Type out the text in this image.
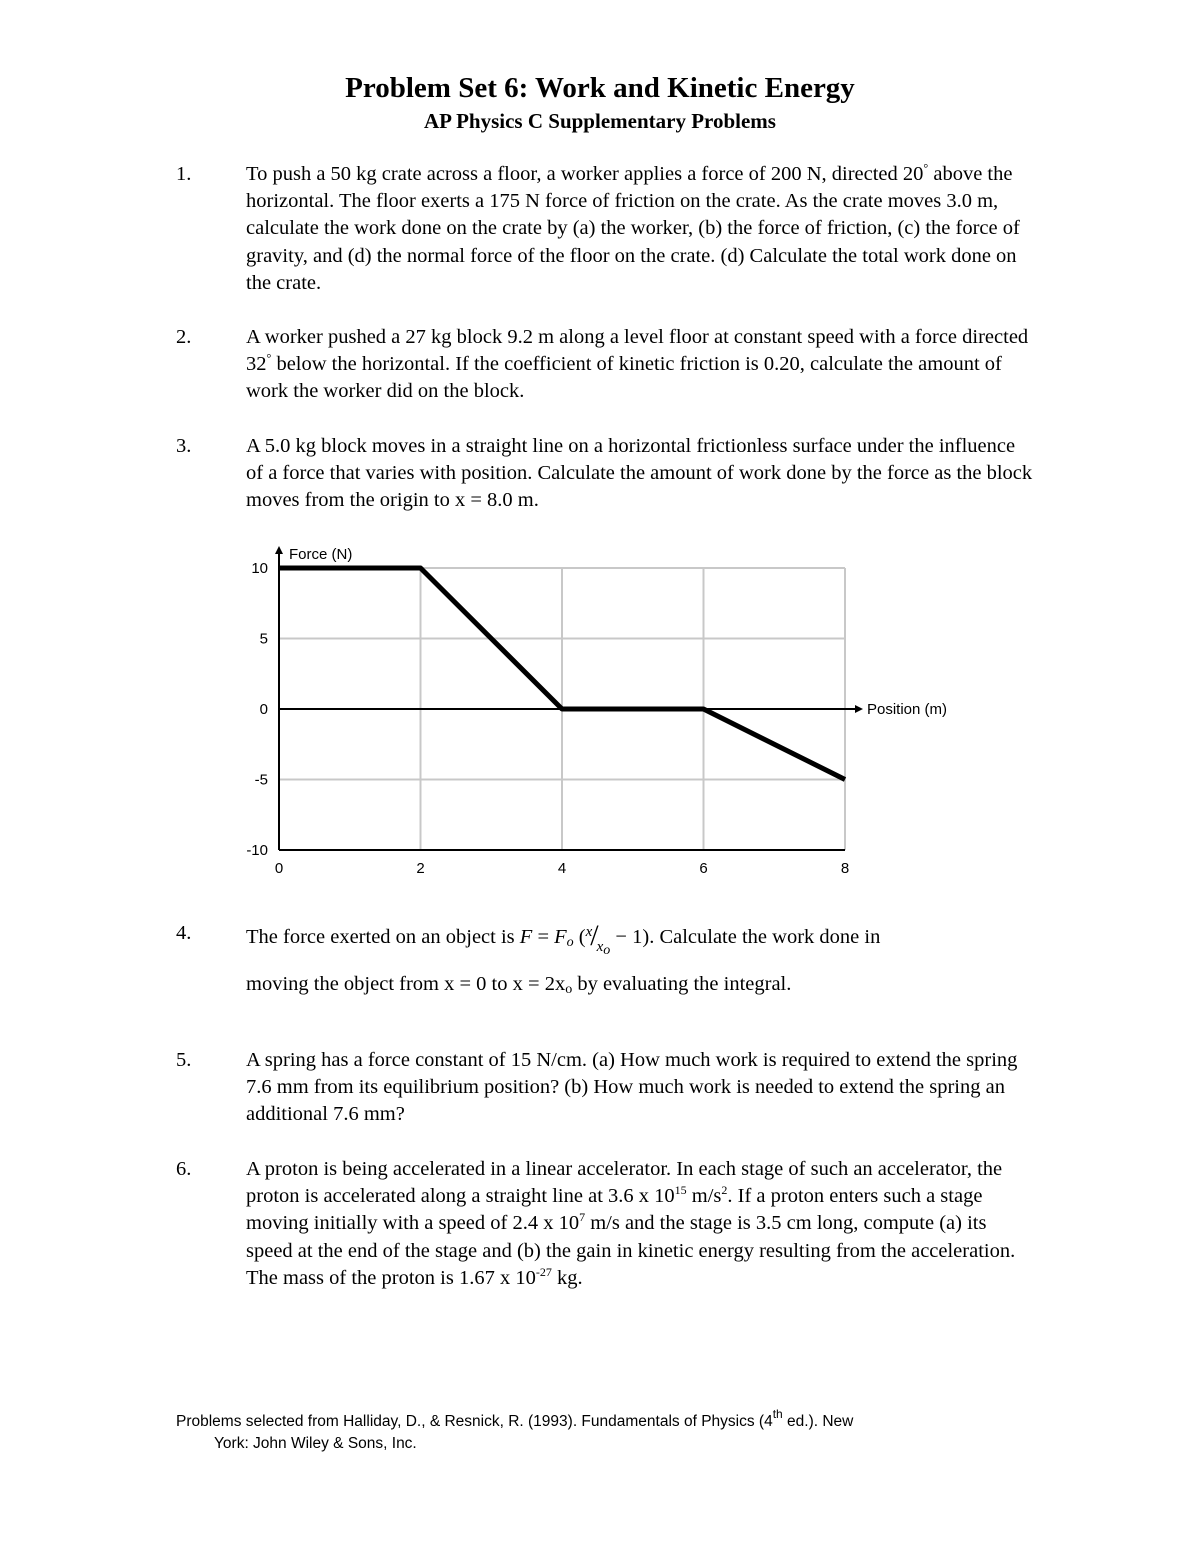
Problem Set 6: Work and Kinetic Energy
AP Physics C Supplementary Problems
1.	To push a 50 kg crate across a floor, a worker applies a force of 200 N, directed 20° above the horizontal. The floor exerts a 175 N force of friction on the crate. As the crate moves 3.0 m, calculate the work done on the crate by (a) the worker, (b) the force of friction, (c) the force of gravity, and (d) the normal force of the floor on the crate. (d) Calculate the total work done on the crate.
2.	A worker pushed a 27 kg block 9.2 m along a level floor at constant speed with a force directed 32° below the horizontal. If the coefficient of kinetic friction is 0.20, calculate the amount of work the worker did on the block.
3.	A 5.0 kg block moves in a straight line on a horizontal frictionless surface under the influence of a force that varies with position. Calculate the amount of work done by the force as the block moves from the origin to x = 8.0 m.
10
5
0
-5
-10
0	2	4	6	8
Force (N)
Position (m)
4.	The force exerted on an object is $F = F_o$ $(^x/_{x_o} - 1)$. Calculate the work done in
moving the object from x = 0 to $x = 2x_o$ by evaluating the integral.
5.	A spring has a force constant of 15 N/cm. (a) How much work is required to extend the spring 7.6 mm from its equilibrium position? (b) How much work is needed to extend the spring an additional 7.6 mm?
6.	A proton is being accelerated in a linear accelerator. In each stage of such an accelerator, the proton is accelerated along a straight line at 3.6 x $10^{15}$ $m/s^2$. If a proton enters such a stage moving initially with a speed of 2.4 x $10^7$ m/s and the stage is 3.5 cm long, compute (a) its speed at the end of the stage and (b) the gain in kinetic energy resulting from the acceleration. The mass of the proton is 1.67 x $10^{-27}$ kg.
Problems selected from Halliday, D., & Resnick, R. (1993). Fundamentals of Physics (4th ed.). New
York: John Wiley & Sons, Inc.
